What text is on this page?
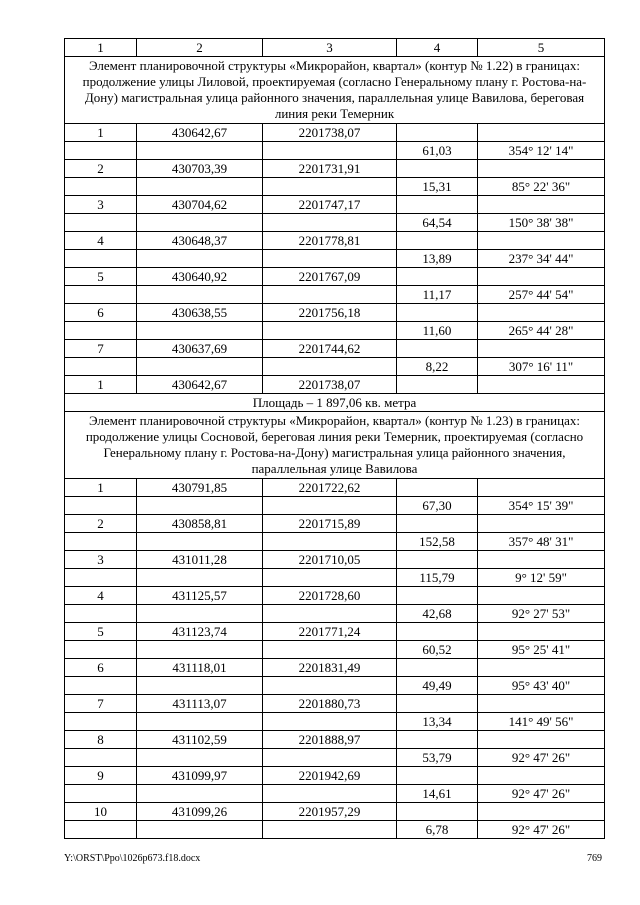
1	2	3	4	5
Элемент планировочной структуры «Микрорайон, квартал» (контур № 1.22) в границах: продолжение улицы Лиловой, проектируемая (согласно Генеральному плану г. Ростова-на-Дону) магистральная улица районного значения, параллельная улице Вавилова, береговая линия реки Темерник				
1	430642,67	2201738,07		
			61,03	354° 12' 14"
2	430703,39	2201731,91		
			15,31	85° 22' 36"
3	430704,62	2201747,17		
			64,54	150° 38' 38"
4	430648,37	2201778,81		
			13,89	237° 34' 44"
5	430640,92	2201767,09		
			11,17	257° 44' 54"
6	430638,55	2201756,18		
			11,60	265° 44' 28"
7	430637,69	2201744,62		
			8,22	307° 16' 11"
1	430642,67	2201738,07		
Площадь – 1 897,06 кв. метра				
Элемент планировочной структуры «Микрорайон, квартал» (контур № 1.23) в границах: продолжение улицы Сосновой, береговая линия реки Темерник, проектируемая (согласно Генеральному плану г. Ростова-на-Дону) магистральная улица районного значения, параллельная улице Вавилова				
1	430791,85	2201722,62		
			67,30	354° 15' 39"
2	430858,81	2201715,89		
			152,58	357° 48' 31"
3	431011,28	2201710,05		
			115,79	9° 12' 59"
4	431125,57	2201728,60		
			42,68	92° 27' 53"
5	431123,74	2201771,24		
			60,52	95° 25' 41"
6	431118,01	2201831,49		
			49,49	95° 43' 40"
7	431113,07	2201880,73		
			13,34	141° 49' 56"
8	431102,59	2201888,97		
			53,79	92° 47' 26"
9	431099,97	2201942,69		
			14,61	92° 47' 26"
10	431099,26	2201957,29		
			6,78	92° 47' 26"
Y:\ORST\Ppo\1026p673.f18.docx	769
